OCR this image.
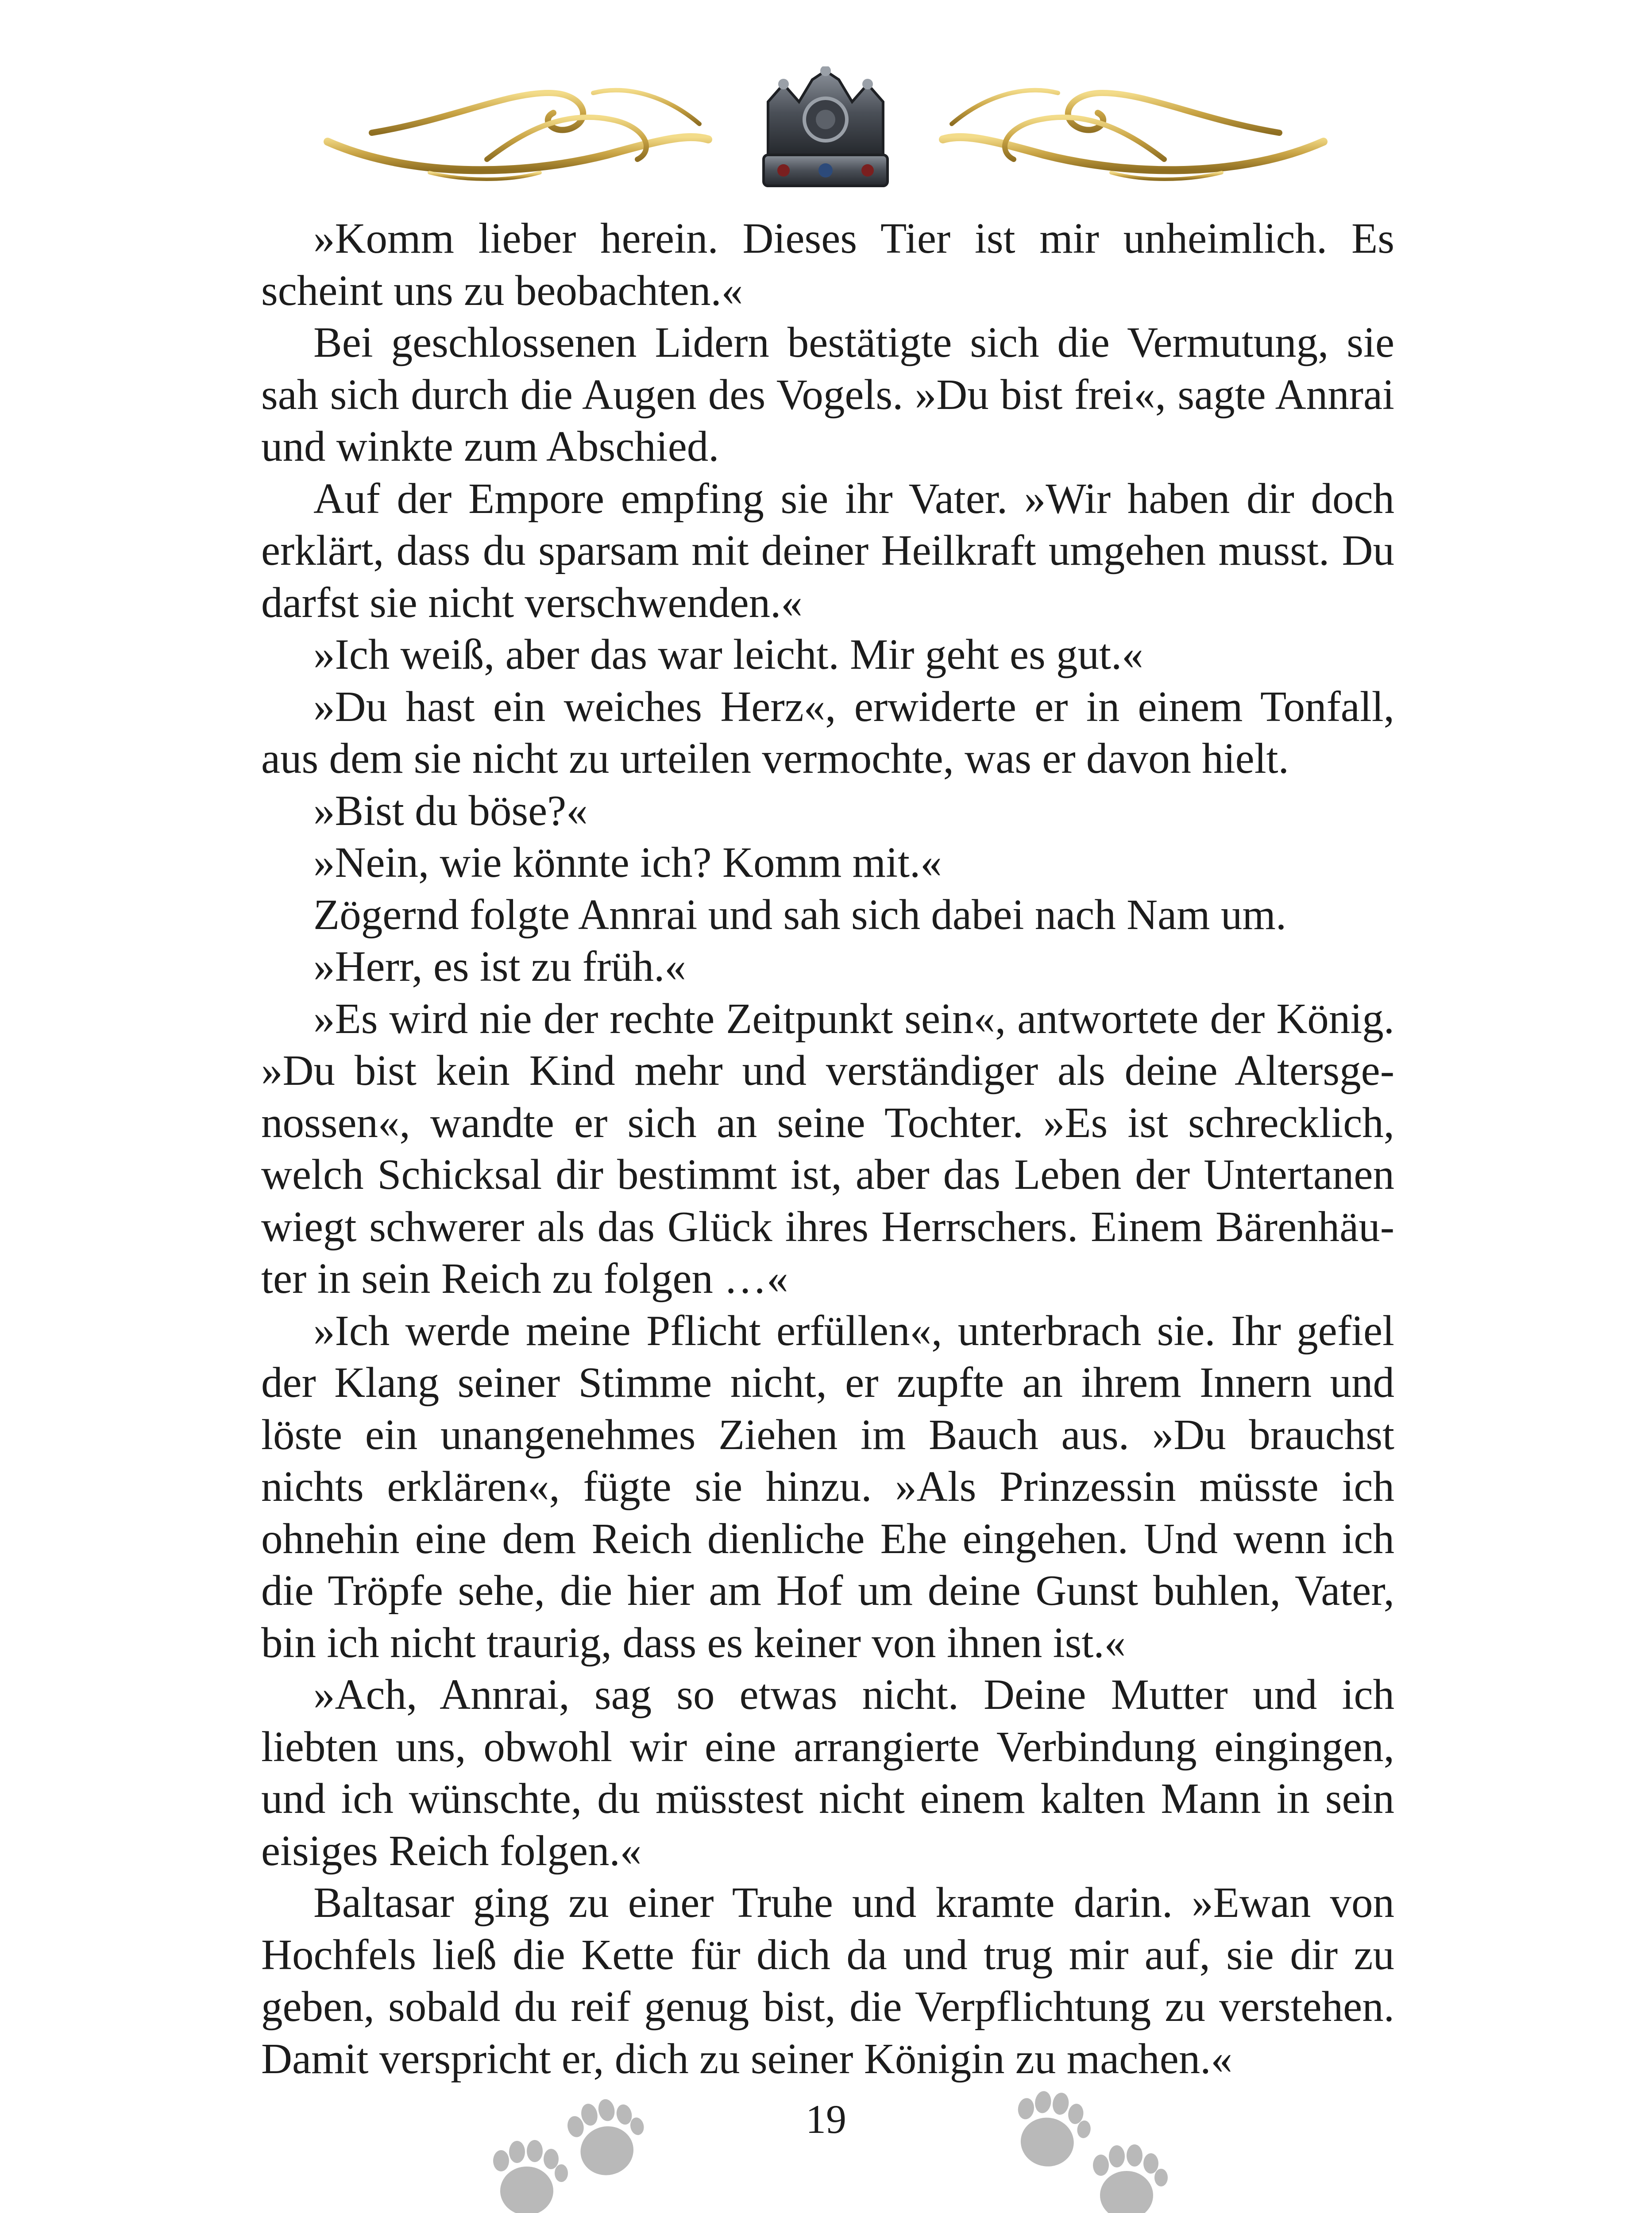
»Komm lieber herein. Dieses Tier ist mir unheimlich. Es scheint uns zu beobachten.«

Bei geschlossenen Lidern bestätigte sich die Vermutung, sie sah sich durch die Augen des Vogels. »Du bist frei«, sagte Annrai und winkte zum Abschied.

Auf der Empore empfing sie ihr Vater. »Wir haben dir doch erklärt, dass du sparsam mit deiner Heilkraft umgehen musst. Du darfst sie nicht verschwenden.«

»Ich weiß, aber das war leicht. Mir geht es gut.«

»Du hast ein weiches Herz«, erwiderte er in einem Tonfall, aus dem sie nicht zu urteilen vermochte, was er davon hielt.

»Bist du böse?«

»Nein, wie könnte ich? Komm mit.«

Zögernd folgte Annrai und sah sich dabei nach Nam um.

»Herr, es ist zu früh.«

»Es wird nie der rechte Zeitpunkt sein«, antwortete der König. »Du bist kein Kind mehr und verständiger als deine Altersgenossen«, wandte er sich an seine Tochter. »Es ist schrecklich, welch Schicksal dir bestimmt ist, aber das Leben der Untertanen wiegt schwerer als das Glück ihres Herrschers. Einem Bärenhäuter in sein Reich zu folgen …«

»Ich werde meine Pflicht erfüllen«, unterbrach sie. Ihr gefiel der Klang seiner Stimme nicht, er zupfte an ihrem Innern und löste ein unangenehmes Ziehen im Bauch aus. »Du brauchst nichts erklären«, fügte sie hinzu. »Als Prinzessin müsste ich ohnehin eine dem Reich dienliche Ehe eingehen. Und wenn ich die Tröpfe sehe, die hier am Hof um deine Gunst buhlen, Vater, bin ich nicht traurig, dass es keiner von ihnen ist.«

»Ach, Annrai, sag so etwas nicht. Deine Mutter und ich liebten uns, obwohl wir eine arrangierte Verbindung eingingen, und ich wünschte, du müsstest nicht einem kalten Mann in sein eisiges Reich folgen.«

Baltasar ging zu einer Truhe und kramte darin. »Ewan von Hochfels ließ die Kette für dich da und trug mir auf, sie dir zu geben, sobald du reif genug bist, die Verpflichtung zu verstehen. Damit verspricht er, dich zu seiner Königin zu machen.«

19
